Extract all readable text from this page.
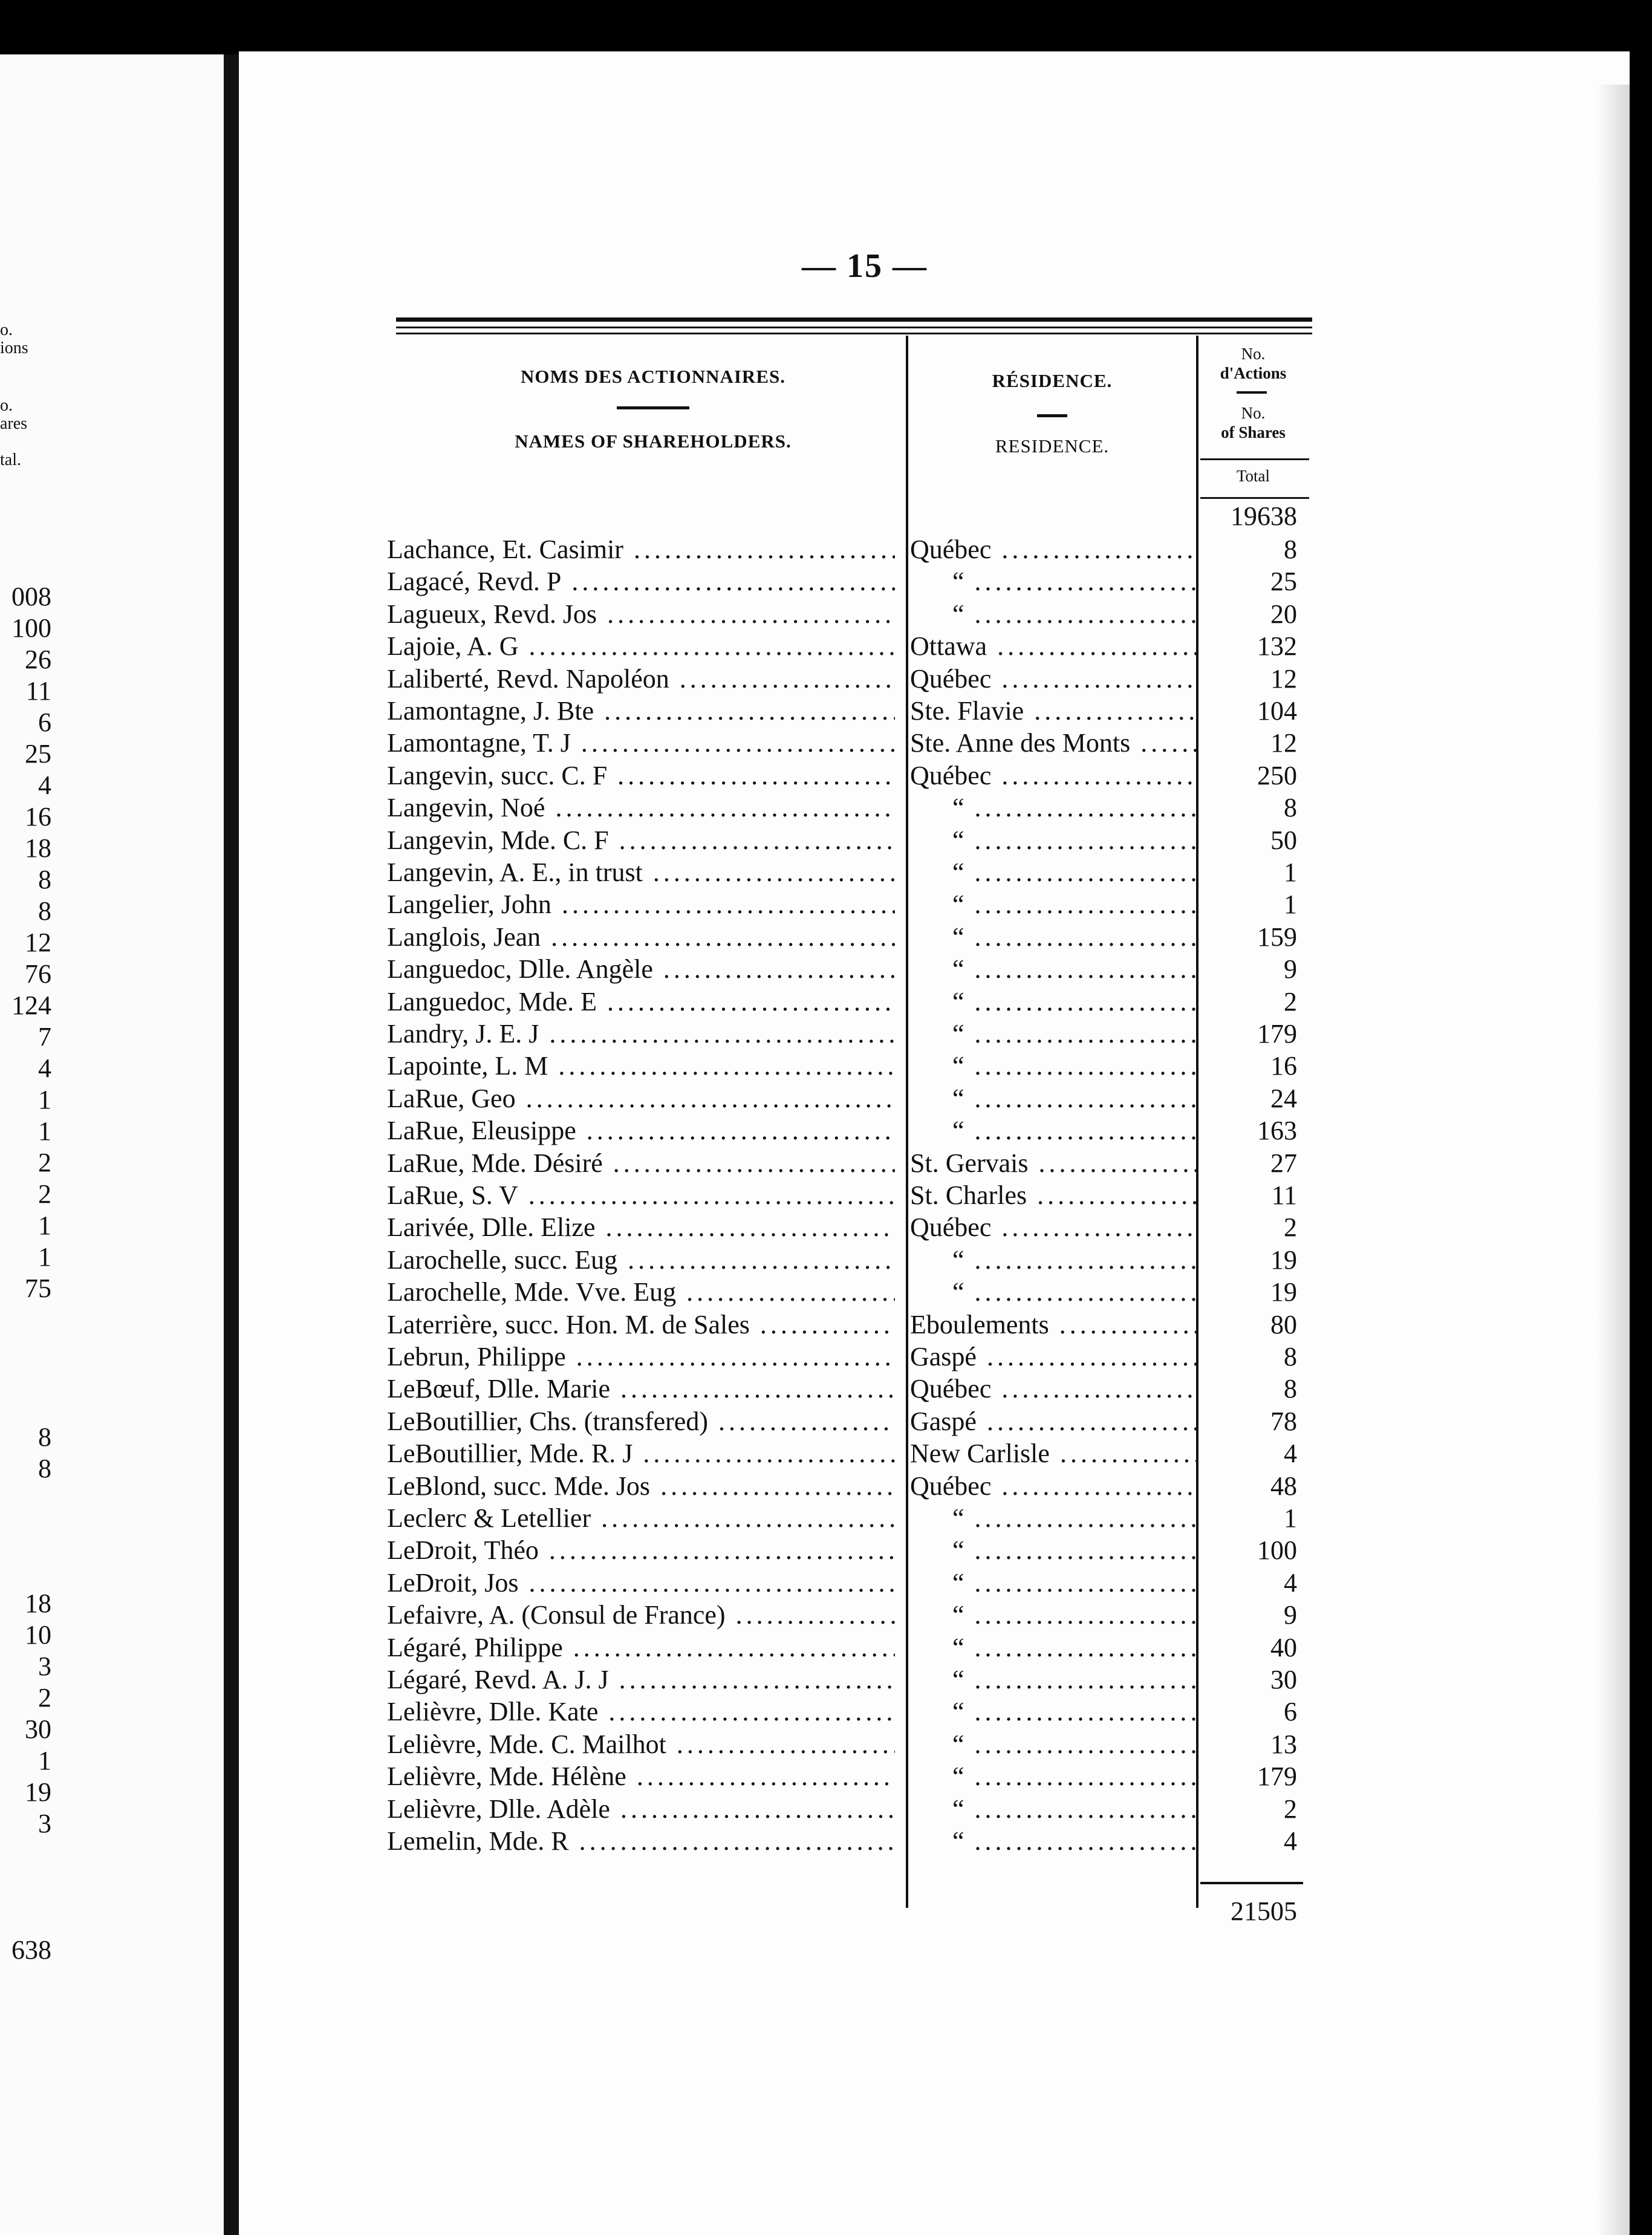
o.
ions
o.
ares
tal.
008
100
26
11
6
25
4
16
18
8
8
12
76
124
7
4
1
1
2
2
1
1
75
8
8
18
10
3
2
30
1
19
3
638
— 15 —
NOMS DES ACTIONNAIRES.
NAMES OF SHAREHOLDERS.
RÉSIDENCE.
RESIDENCE.
No.
d'Actions
No.
of Shares
Total
19638
Lachance, Et. Casimir .....	Québec .....	8
Lagacé, Revd. P .....	“ .....	25
Lagueux, Revd. Jos .....	“ .....	20
Lajoie, A. G .....	Ottawa .....	132
Laliberté, Revd. Napoléon .....	Québec .....	12
Lamontagne, J. Bte .....	Ste. Flavie .....	104
Lamontagne, T. J .....	Ste. Anne des Monts .....	12
Langevin, succ. C. F .....	Québec .....	250
Langevin, Noé .....	“ .....	8
Langevin, Mde. C. F .....	“ .....	50
Langevin, A. E., in trust .....	“ .....	1
Langelier, John .....	“ .....	1
Langlois, Jean .....	“ .....	159
Languedoc, Dlle. Angèle .....	“ .....	9
Languedoc, Mde. E .....	“ .....	2
Landry, J. E. J .....	“ .....	179
Lapointe, L. M .....	“ .....	16
LaRue, Geo .....	“ .....	24
LaRue, Eleusippe .....	“ .....	163
LaRue, Mde. Désiré .....	St. Gervais .....	27
LaRue, S. V .....	St. Charles .....	11
Larivée, Dlle. Elize .....	Québec .....	2
Larochelle, succ. Eug .....	“ .....	19
Larochelle, Mde. Vve. Eug .....	“ .....	19
Laterrière, succ. Hon. M. de Sales .....	Eboulements .....	80
Lebrun, Philippe .....	Gaspé .....	8
LeBœuf, Dlle. Marie .....	Québec .....	8
LeBoutillier, Chs. (transfered) .....	Gaspé .....	78
LeBoutillier, Mde. R. J .....	New Carlisle .....	4
LeBlond, succ. Mde. Jos .....	Québec .....	48
Leclerc & Letellier .....	“ .....	1
LeDroit, Théo .....	“ .....	100
LeDroit, Jos .....	“ .....	4
Lefaivre, A. (Consul de France) .....	“ .....	9
Légaré, Philippe .....	“ .....	40
Légaré, Revd. A. J. J .....	“ .....	30
Lelièvre, Dlle. Kate .....	“ .....	6
Lelièvre, Mde. C. Mailhot .....	“ .....	13
Lelièvre, Mde. Hélène .....	“ .....	179
Lelièvre, Dlle. Adèle .....	“ .....	2
Lemelin, Mde. R .....	“ .....	4
21505
